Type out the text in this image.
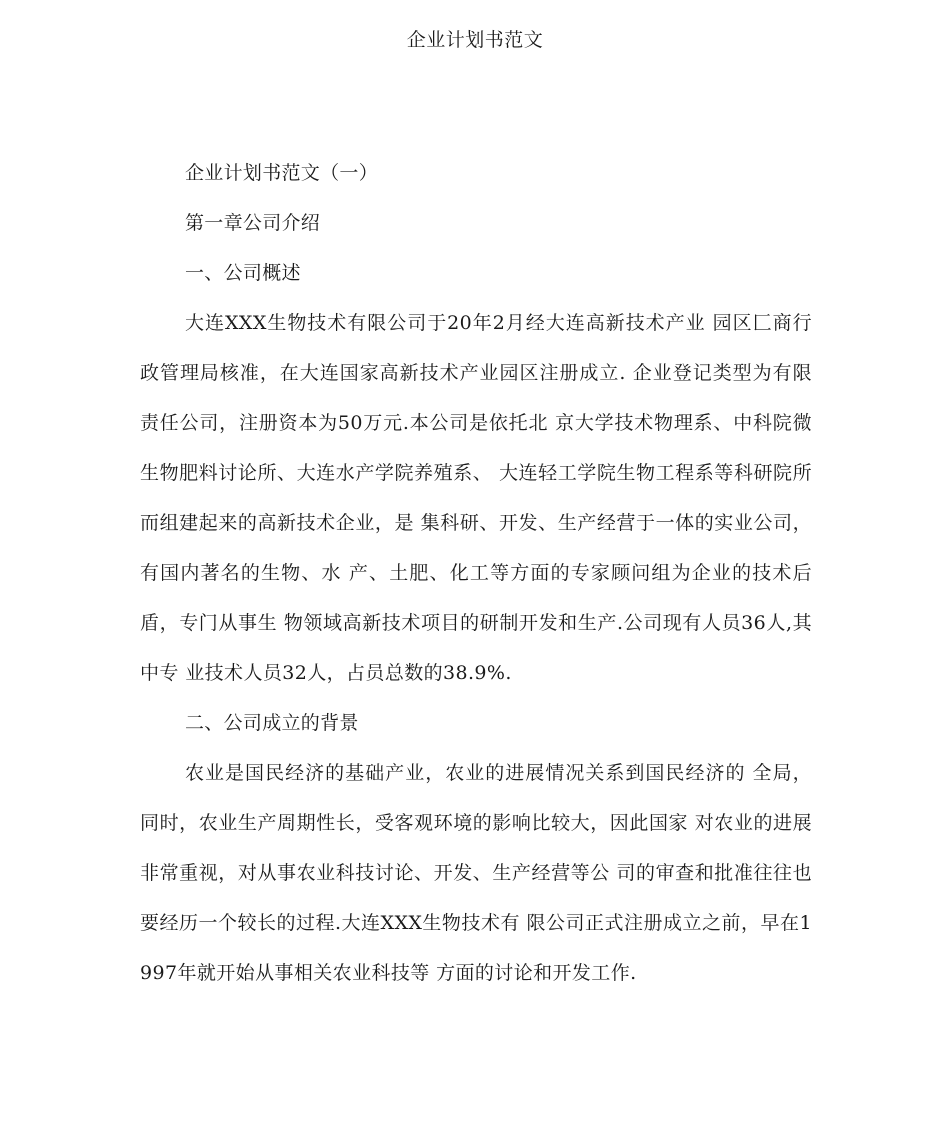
企业计划书范文

企业计划书范文（一）

第一章公司介绍

一、公司概述

大连XXX生物技术有限公司于20年2月经大连高新技术产业 园区匚商行政管理局核准，在大连国家高新技术产业园区注册成立. 企业登记类型为有限责任公司，注册资本为50万元.本公司是依托北 京大学技术物理系、中科院微生物肥料讨论所、大连水产学院养殖系、 大连轻工学院生物工程系等科研院所而组建起来的高新技术企业，是 集科研、开发、生产经营于一体的实业公司，有国内著名的生物、水 产、土肥、化工等方面的专家顾问组为企业的技术后盾，专门从事生 物领域高新技术项目的研制开发和生产.公司现有人员36人,其中专 业技术人员32人，占员总数的38.9%.

二、公司成立的背景

农业是国民经济的基础产业，农业的进展情况关系到国民经济的 全局，同时，农业生产周期性长，受客观环境的影响比较大，因此国家 对农业的进展非常重视，对从事农业科技讨论、开发、生产经营等公 司的审查和批准往往也要经历一个较长的过程.大连XXX生物技术有 限公司正式注册成立之前，早在1997年就开始从事相关农业科技等 方面的讨论和开发工作.
